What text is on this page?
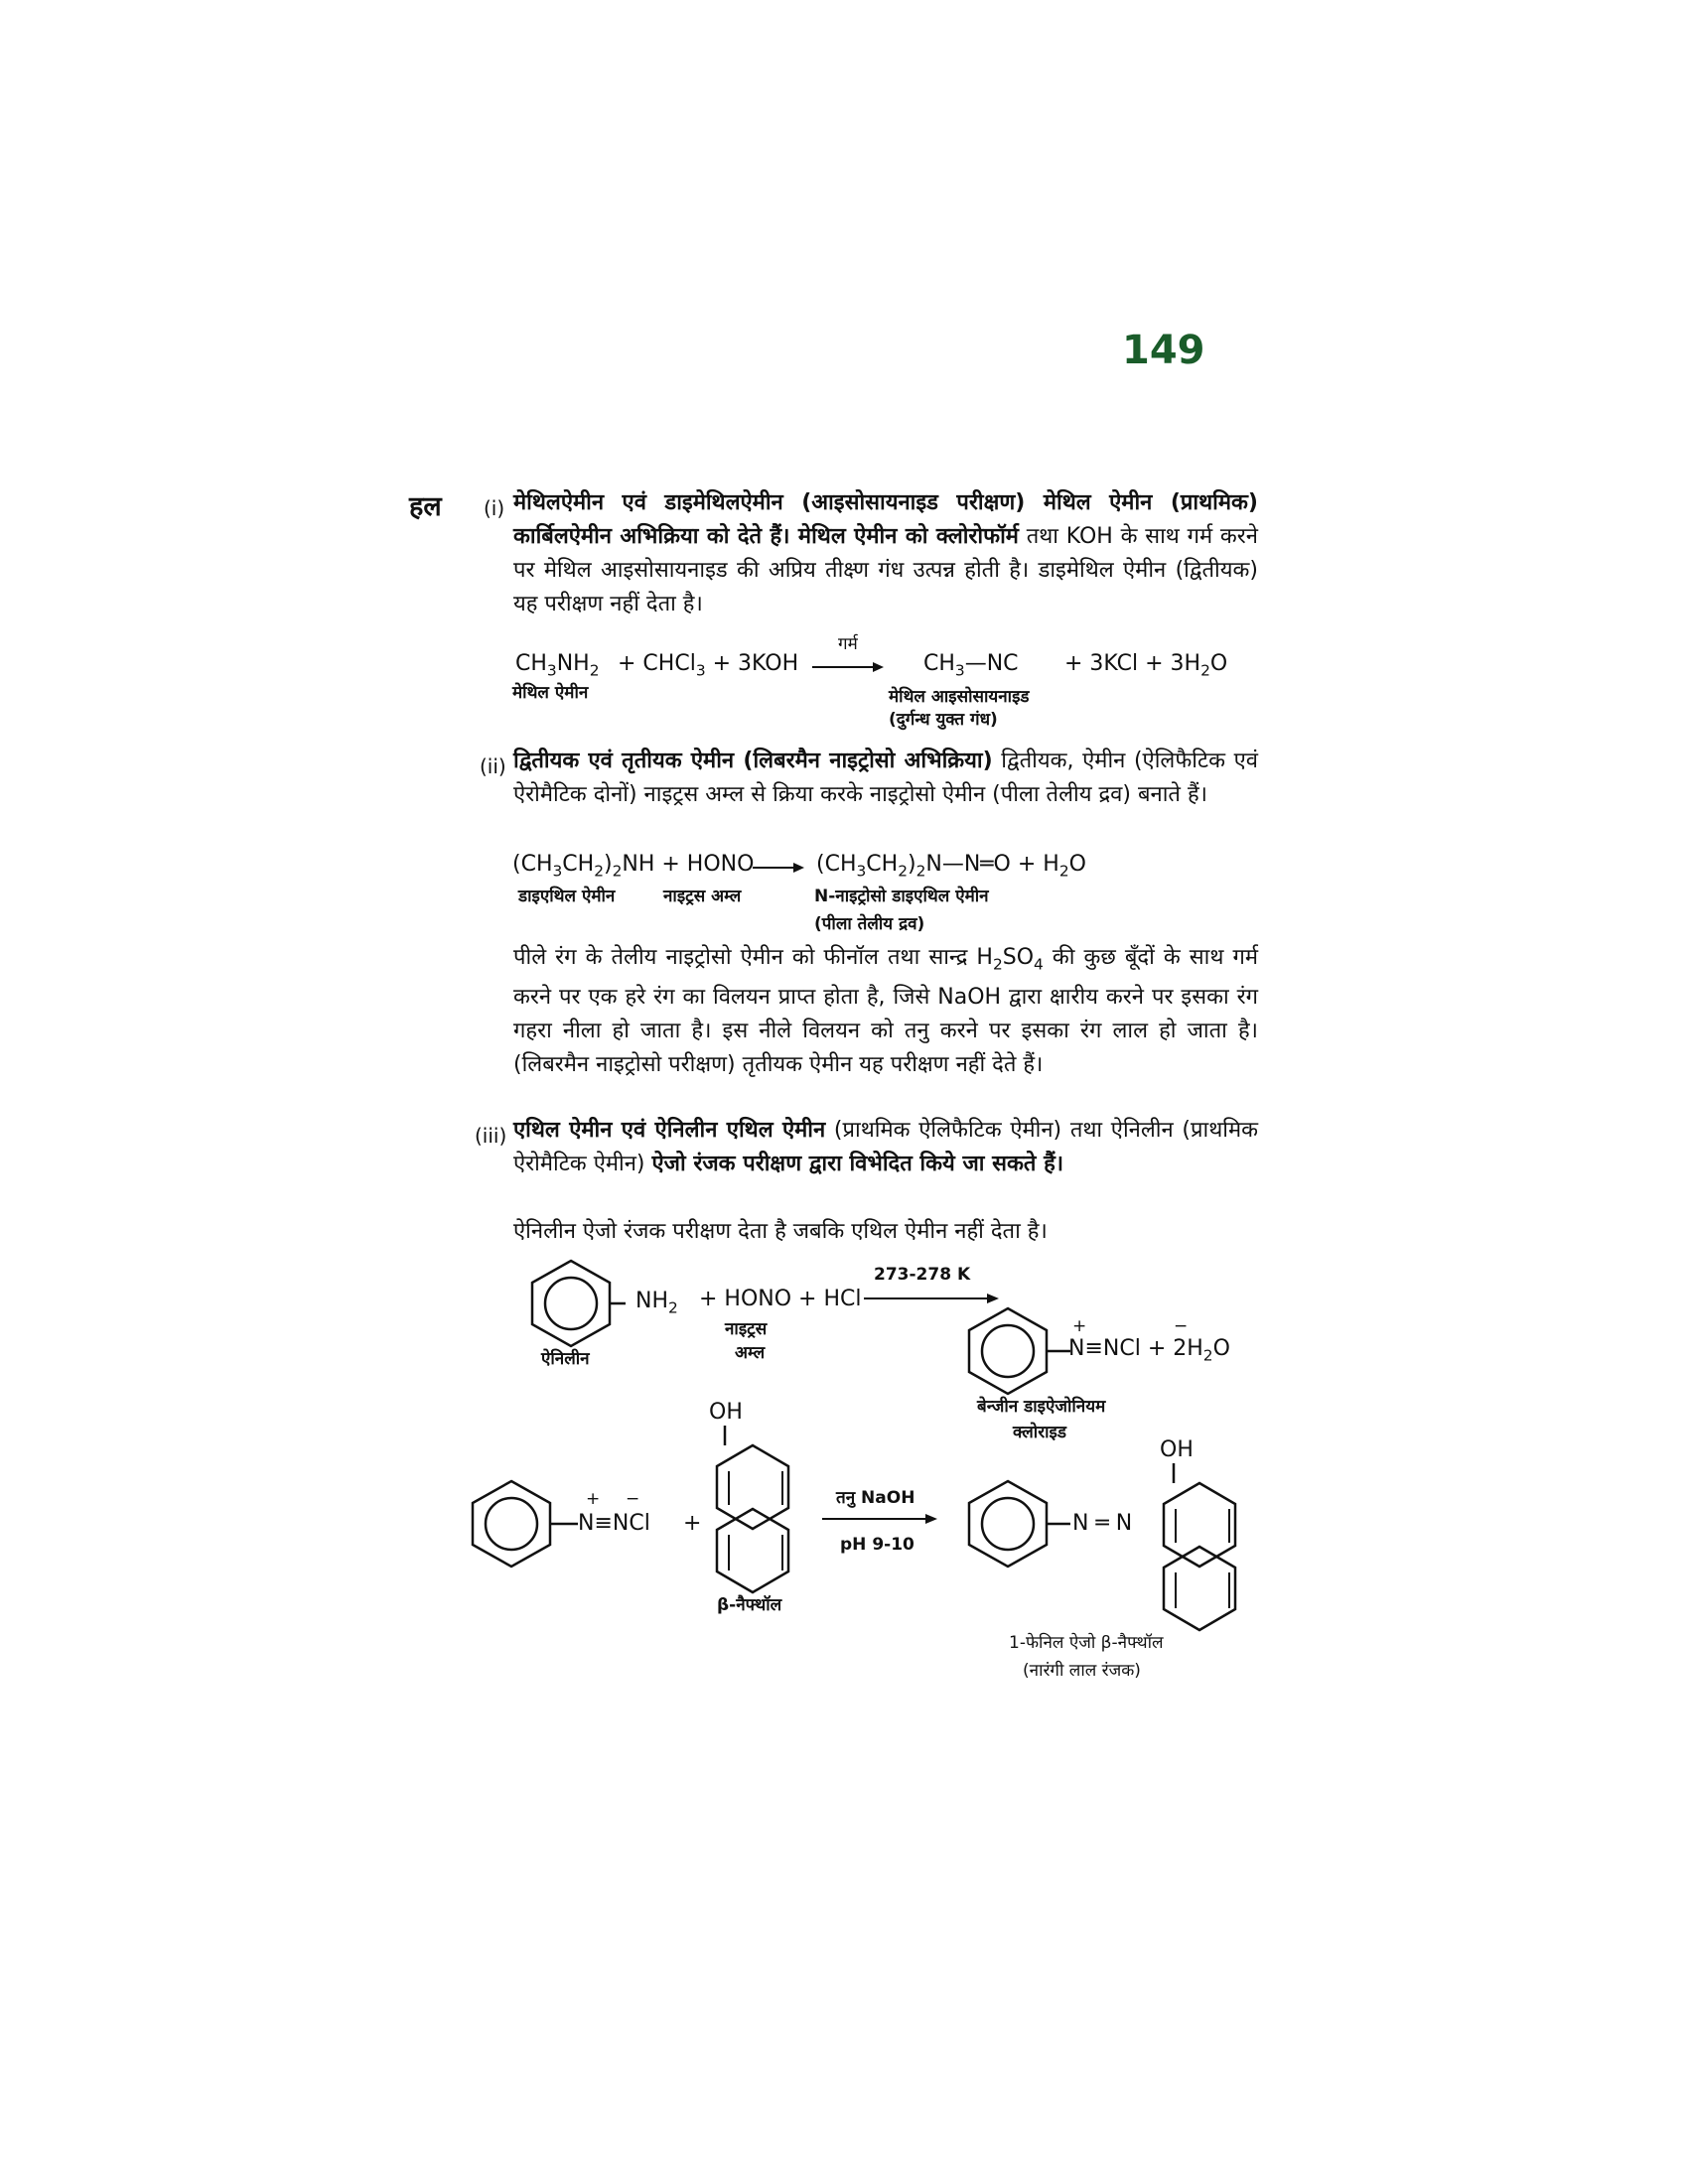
149
हल (i) मेथिलऐमीन एवं डाइमेथिलऐमीन (आइसोसायनाइड परीक्षण) मेथिल ऐमीन (प्राथमिक) कार्बिलऐमीन अभिक्रिया को देते हैं। मेथिल ऐमीन को क्लोरोफॉर्म तथा KOH के साथ गर्म करने पर मेथिल आइसोसायनाइड की अप्रिय तीक्ष्ण गंध उत्पन्न होती है। डाइमेथिल ऐमीन (द्वितीयक) यह परीक्षण नहीं देता है।
$CH_3NH_2$ + CHCl$_3$ + 3KOH
गर्म
$CH_3—NC + 3KCl + 3H_2O$
मेथिल ऐमीन	मेथिल आइसोसायनाइड
(दुर्गन्ध युक्त गंध)
(ii) द्वितीयक एवं तृतीयक ऐमीन (लिबरमैन नाइट्रोसो अभिक्रिया) द्वितीयक, ऐमीन (ऐलिफैटिक एवं ऐरोमैटिक दोनों) नाइट्रस अम्ल से क्रिया करके नाइट्रोसो ऐमीन (पीला तेलीय द्रव) बनाते हैं।
$(CH_3CH_2)_2NH$ + HONO	$(CH_3CH_2)_2N—N═O + H_2O$
डाइएथिल ऐमीन	नाइट्रस अम्ल	N-नाइट्रोसो डाइएथिल ऐमीन
(पीला तेलीय द्रव)
पीले रंग के तेलीय नाइट्रोसो ऐमीन को फीनॉल तथा सान्द्र $H_2SO_4$ की कुछ बूँदों के साथ गर्म करने पर एक हरे रंग का विलयन प्राप्त होता है, जिसे NaOH द्वारा क्षारीय करने पर इसका रंग गहरा नीला हो जाता है। इस नीले विलयन को तनु करने पर इसका रंग लाल हो जाता है। (लिबरमैन नाइट्रोसो परीक्षण) तृतीयक ऐमीन यह परीक्षण नहीं देते हैं।
(iii) एथिल ऐमीन एवं ऐनिलीन एथिल ऐमीन (प्राथमिक ऐलिफैटिक ऐमीन) तथा ऐनिलीन (प्राथमिक ऐरोमैटिक ऐमीन) ऐजो रंजक परीक्षण द्वारा विभेदित किये जा सकते हैं।
ऐनिलीन ऐजो रंजक परीक्षण देता है जबकि एथिल ऐमीन नहीं देता है।
$NH_2$
ऐनिलीन
+ HONO + HCl
नाइट्रस
अम्ल
273-278 K
+	−
$N\equiv NCl + 2H_2O$
बेन्जीन डाइऐजोनियम
क्लोराइड
+ −
N≡NCl +
OH
β-नैफ्थॉल
तनु NaOH
pH 9-10
N ═ N
OH
1-फेनिल ऐजो β-नैफ्थॉल
(नारंगी लाल रंजक)
